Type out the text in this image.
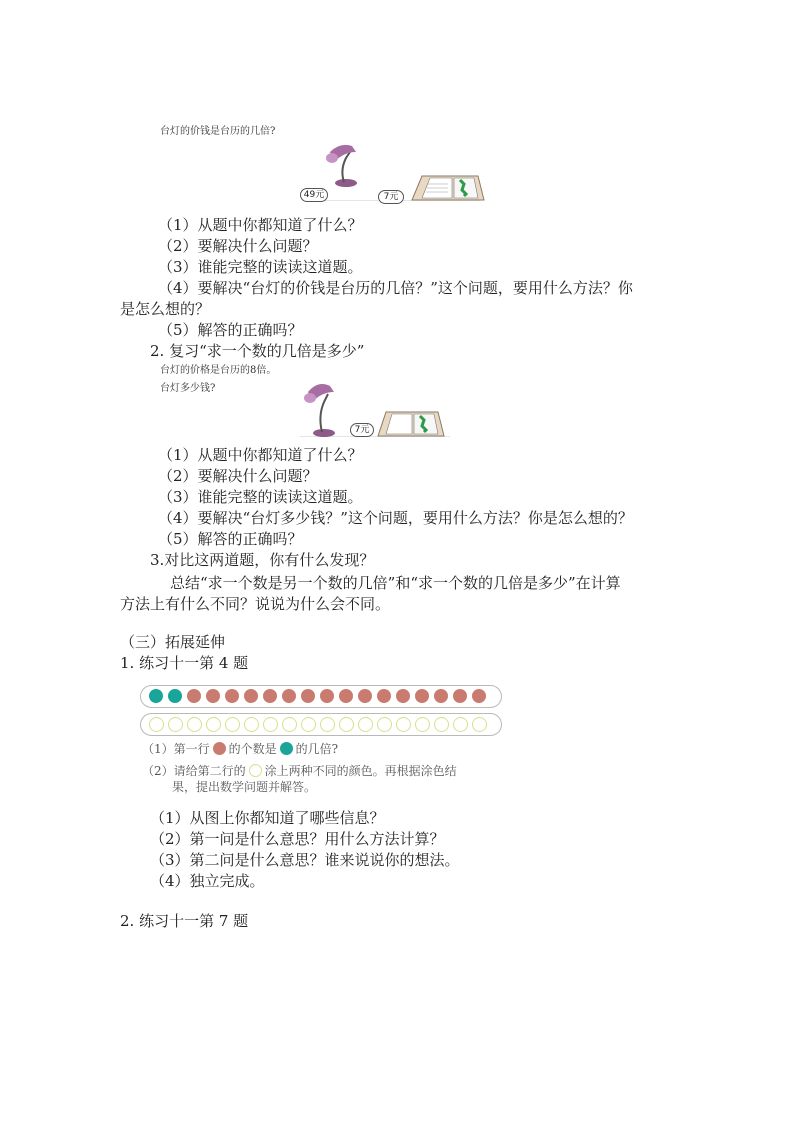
台灯的价钱是台历的几倍?
49元	7元
（1）从题中你都知道了什么？
（2）要解决什么问题？
（3）谁能完整的读读这道题。
（4）要解决“台灯的价钱是台历的几倍？”这个问题，要用什么方法？你
是怎么想的？
（5）解答的正确吗？
2. 复习“求一个数的几倍是多少”
台灯的价格是台历的8倍。
台灯多少钱?
7元
（1）从题中你都知道了什么？
（2）要解决什么问题？
（3）谁能完整的读读这道题。
（4）要解决“台灯多少钱？”这个问题，要用什么方法？你是怎么想的？
（5）解答的正确吗？
3.对比这两道题，你有什么发现？
总结“求一个数是另一个数的几倍”和“求一个数的几倍是多少”在计算
方法上有什么不同？说说为什么会不同。
（三）拓展延伸
1. 练习十一第 4 题
（1）第一行 的个数是 的几倍?
（2）请给第二行的 涂上两种不同的颜色。再根据涂色结
果，提出数学问题并解答。
（1）从图上你都知道了哪些信息？
（2）第一问是什么意思？用什么方法计算？
（3）第二问是什么意思？谁来说说你的想法。
（4）独立完成。
2. 练习十一第 7 题
